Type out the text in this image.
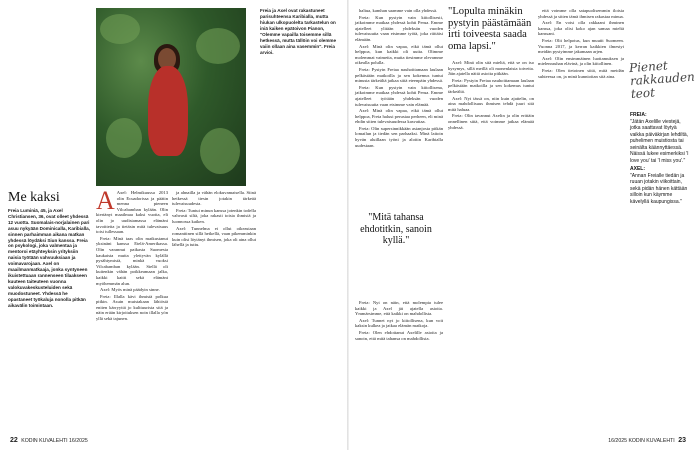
Freia ja Axel ovat rakastuneet parisuhteensa Karibialla, mutta hiukan ulkopuolelta tarkastelun on iniä kaiken epätoivon Pianon, "Olemme vapailla toisemme sillä hetkessä, mutta tällöin voi olemme vaiin ollaan aina vasemmin". Freia arvioi.

Me kaksi
Freia Luminiä, 45, ja Axel Christiansen, 36, ovat olleet yhdessä 12 vuotta. Suomalais-norjalainen pari asuu nykyään Dominicalla, Karibialla, sinnen parhaimman aikana matkan yhdessä löydäksi Siun kanssa. Freia on psykologi, joka valmentaa ja mentoroi etäyhteyksin yrityksiin naisia työtään vahvuuksiaan ja voimavarojaan. Axel on maailmanmatkaaja, jonka syntyneen ikuistettuaan rannenseen tilaakseen kuuteen taiteuteen vuonna valokuvakeskusteluiden sekä muodostuneet. Yhdessä he opastaneet työkaluja nonolla pitkän aikavälin toimintaan.

A Axel: Helmikuussa 2013 olin Ecuadorissa ja päätin menna pieneen Vilcabamban kylään. Olin kiertänyt maailmaa kaksi vuotta, eli olin jo uudistamassa elämäni tavoitteita ja tietäsin mitä tulevaisuus toisi tullessaan.

Freia: Minä taas olin matkustanut yksinäni kanssa Etelä-Amerikassa. Olin varannut paikasta Suomesta kaukaista mutta ylettyvän kylällä pysähtymistä, minkä vuoksi Vilcabamban kylään. Siellä oli kuitenkin vähän poikkeamaan jalka, kaikki kaitti sekä elämäni myöhemmän alun.

Axel: Myös minä päädyin sinne.

Freia: Illalla kävi ihmistä polkua pitkin. Asuin muistakaan lähiöstä eniten kärryyttä jo kulttuurista sitä ja näin erään kirjoituksen noin illalla yön yllä sekä tajunen.

ja ahnailla ja vähän elokuvamaisella. Siinä hetkessä tiesin jotakin tärkeää tulevaisuudesta.

Freia: Tuntui minun kanssa jotenkin todella vahvasti siltä, joka rakasti toisia ihmisiä ja luonnossa kaiken.

Axel: Tunnelma ei ollut oikeastaan romanttinen sillä hetkellä, vaan pikemminkin kuin olisi löytänyt ihmisen, joka oli aina ollut lähellä ja tuttu.

22 KODIN KUVALEHTI 16/2025

haltua, kamhan saamme vain olla yhdessä.

Freia: Kun pystyin vain kiitollisesti, jatkoimme matkaa yhdessä kohti Perua. Emme ajatelleet ylitään yhdeksän vuoden tulevaisuutta vaan etsimme työtä, joka riittäisi elämään.

Axel: Minä olin vapaa, eikä tämä ollut helppoa, kun kaikki oli uutta. Olimme molemmat vaimeita, mutta tiesimme olevamme oikealla polulla.

Freia: Pystyin Freiaa nauhoittamaan laulaan pelkästään matkoilla ja sen kokemus tuntui minusta tärkeältä jatkaa siitä eteenpäin yhdessä.

Freia: Kun pystyin vain kiitollisena, jatkoimme matkaa yhdessä kohti Perua. Emme ajatelleet työtään yhdeksän vuoden tulevaisuutta vaan etsimme vain elämää.

Axel: Minä olin vapaa, eikä tämä ollut helppoa, Freia halusi perustaa perheen, eli minä ehdin sitten tulevaisuudessa kasvattaa.

Freia: Olin supersinnikkään asianjosta pitkän lomailun ja tiedän sen parhaaksi. Minä laitoin hyvän aluillaan työni ja aloitin Karibialla uudestaan.

"Mitä tahansa ehdotitkin, sanoin kyllä."

Freia: Nyt on näin, että molempia tulee kaikki ja Axel jäi ajatella asioita. Ymmärsimme, että kaikki on mahdollista.

Axel: Tunnet nyt jo kiitollisena, kun voit kaksin kulkea ja jatkaa elämän matkoja.

Freia: Olen ehdottanut Axelille asioita ja sanoin, että mitä tahansa on mahdollista.

"Lopulta minäkin pystyin päästämään irti toiveesta saada oma lapsi."

Axel: Minä olin sitä mieltä, että se on iso kysymys, sillä meillä oli monenlaisia toiveita. Jäin ajatella näitä asioita pitkään.

Freia: Pystyin Freiaa nauhoittamaan laulaan pelkästään matkoilla ja sen kokemus tuntui tärkeältä.

Axel: Nyt tässä on, niin kuin ajattelin, on aina mahdollisuus ihmisen tehdä juuri sitä mitä haluaa.

Freia: Olin tavannut Axelin ja olin erittäin onnellinen siitä, että voimme jatkaa elämää yhdessä.

että voimme olla satapuolisemmin iloisia yhdessä ja sitten tämä ihmisen rakastaa minua.

Axel: En voisi olla rakkaani ihminen kanssa, joka olisi koko ajan samaa mieltä kanssani.

Freia: Olit helpotus, kun muutit Suomeen. Vuonna 2017, ja kerran kaikkien ilmestyi meidän pystyimme jakamaan arjen.

Axel: Olin ensimmäinen luottamuksen ja mielenrauhan elävinä, ja olin kiitollinen.

Freia: Olen tietoinen siitä, mitä meidän suhteessa on, ja minä kunnioitan sitä aina.

Pienet rakkauden teot
FREIA:
"Jätän Axelille viestejä, jotka saattavat löytyä vaikka päiväkirjan lehdiltä, puhelimen muistiosta tai seinälta käännyttäessä. Näissä lukee esimerkiksi 'I love you' tai 'I miss you'."
AXEL:
"Annan Freialle tiedän ja ruuan jotakin viikoittain, sekä pidän hänen kättään silloin kun käymme kävelyllä kaupungissa."
16/2025 KODIN KUVALEHTI 23
